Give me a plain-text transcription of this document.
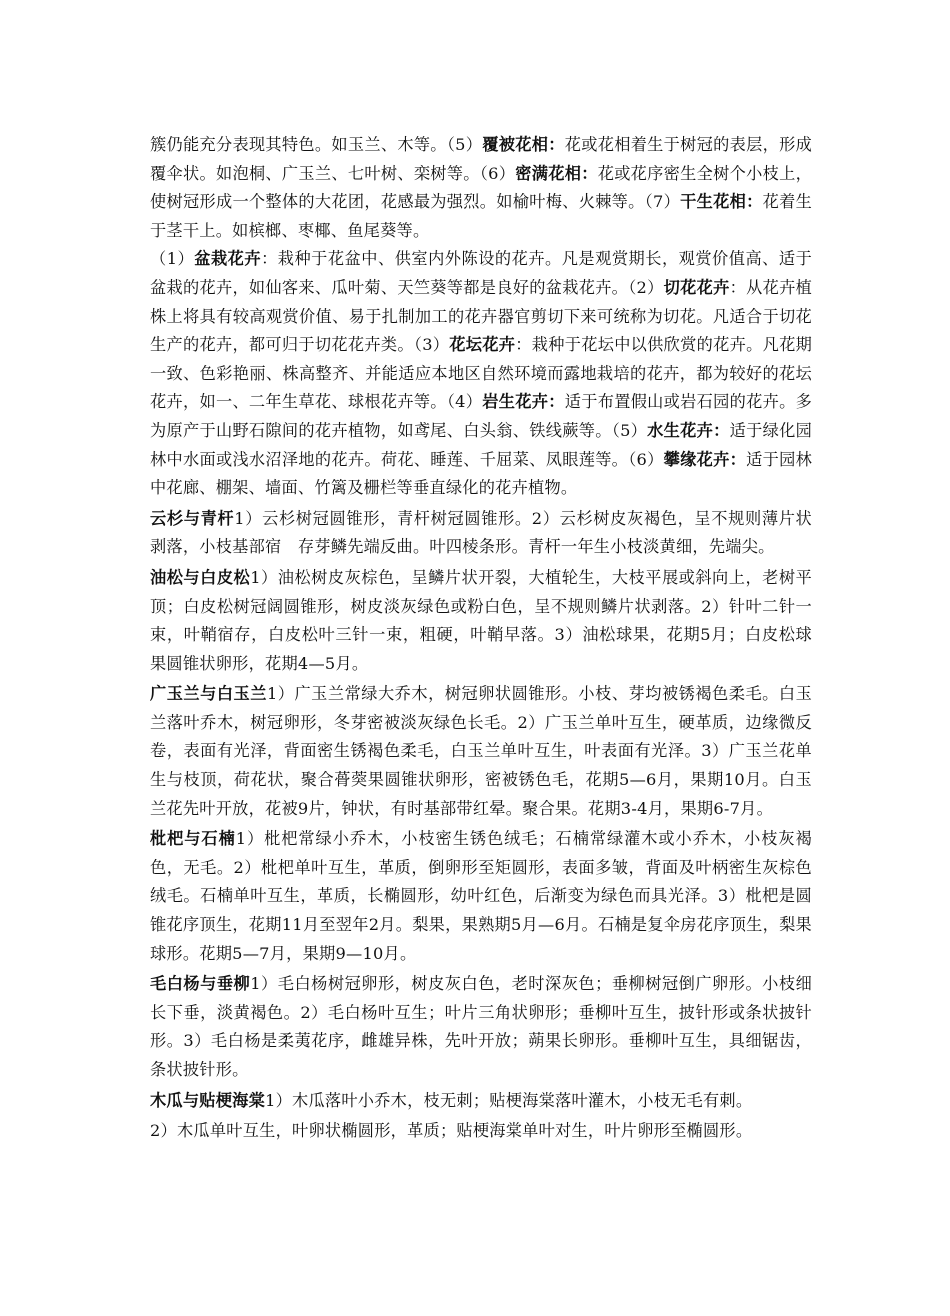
簇仍能充分表现其特色。如玉兰、木等。（5）覆被花相：花或花相着生于树冠的表层，形成覆伞状。如泡桐、广玉兰、七叶树、栾树等。（6）密满花相：花或花序密生全树个小枝上，使树冠形成一个整体的大花团，花感最为强烈。如榆叶梅、火棘等。（7）干生花相：花着生于茎干上。如槟榔、枣椰、鱼尾葵等。

（1）盆栽花卉：栽种于花盆中、供室内外陈设的花卉。凡是观赏期长，观赏价值高、适于盆栽的花卉，如仙客来、瓜叶菊、天竺葵等都是良好的盆栽花卉。（2）切花花卉：从花卉植株上将具有较高观赏价值、易于扎制加工的花卉器官剪切下来可统称为切花。凡适合于切花生产的花卉，都可归于切花花卉类。（3）花坛花卉：栽种于花坛中以供欣赏的花卉。凡花期一致、色彩艳丽、株高整齐、并能适应本地区自然环境而露地栽培的花卉，都为较好的花坛花卉，如一、二年生草花、球根花卉等。（4）岩生花卉：适于布置假山或岩石园的花卉。多为原产于山野石隙间的花卉植物，如鸢尾、白头翁、铁线蕨等。（5）水生花卉：适于绿化园林中水面或浅水沼泽地的花卉。荷花、睡莲、千屈菜、凤眼莲等。（6）攀缘花卉：适于园林中花廊、棚架、墙面、竹篱及栅栏等垂直绿化的花卉植物。

云杉与青杆1）云杉树冠圆锥形，青杆树冠圆锥形。2）云杉树皮灰褐色，呈不规则薄片状剥落，小枝基部宿　存芽鳞先端反曲。叶四棱条形。青杆一年生小枝淡黄细，先端尖。

油松与白皮松1）油松树皮灰棕色，呈鳞片状开裂，大植轮生，大枝平展或斜向上，老树平顶；白皮松树冠阔圆锥形，树皮淡灰绿色或粉白色，呈不规则鳞片状剥落。2）针叶二针一束，叶鞘宿存，白皮松叶三针一束，粗硬，叶鞘早落。3）油松球果，花期5月；白皮松球果圆锥状卵形，花期4—5月。

广玉兰与白玉兰1）广玉兰常绿大乔木，树冠卵状圆锥形。小枝、芽均被锈褐色柔毛。白玉兰落叶乔木，树冠卵形，冬芽密被淡灰绿色长毛。2）广玉兰单叶互生，硬革质，边缘微反卷，表面有光泽，背面密生锈褐色柔毛，白玉兰单叶互生，叶表面有光泽。3）广玉兰花单生与枝顶，荷花状，聚合蓇葖果圆锥状卵形，密被锈色毛，花期5—6月，果期10月。白玉兰花先叶开放，花被9片，钟状，有时基部带红晕。聚合果。花期3-4月，果期6-7月。

枇杷与石楠1）枇杷常绿小乔木，小枝密生锈色绒毛；石楠常绿灌木或小乔木，小枝灰褐色，无毛。2）枇杷单叶互生，革质，倒卵形至矩圆形，表面多皱，背面及叶柄密生灰棕色绒毛。石楠单叶互生，革质，长椭圆形，幼叶红色，后渐变为绿色而具光泽。3）枇杷是圆锥花序顶生，花期11月至翌年2月。梨果，果熟期5月—6月。石楠是复伞房花序顶生，梨果球形。花期5—7月，果期9—10月。

毛白杨与垂柳1）毛白杨树冠卵形，树皮灰白色，老时深灰色；垂柳树冠倒广卵形。小枝细长下垂，淡黄褐色。2）毛白杨叶互生；叶片三角状卵形；垂柳叶互生，披针形或条状披针形。3）毛白杨是柔荑花序，雌雄异株，先叶开放；蒴果长卵形。垂柳叶互生，具细锯齿，条状披针形。

木瓜与贴梗海棠1）木瓜落叶小乔木，枝无刺；贴梗海棠落叶灌木，小枝无毛有刺。

2）木瓜单叶互生，叶卵状椭圆形，革质；贴梗海棠单叶对生，叶片卵形至椭圆形。
